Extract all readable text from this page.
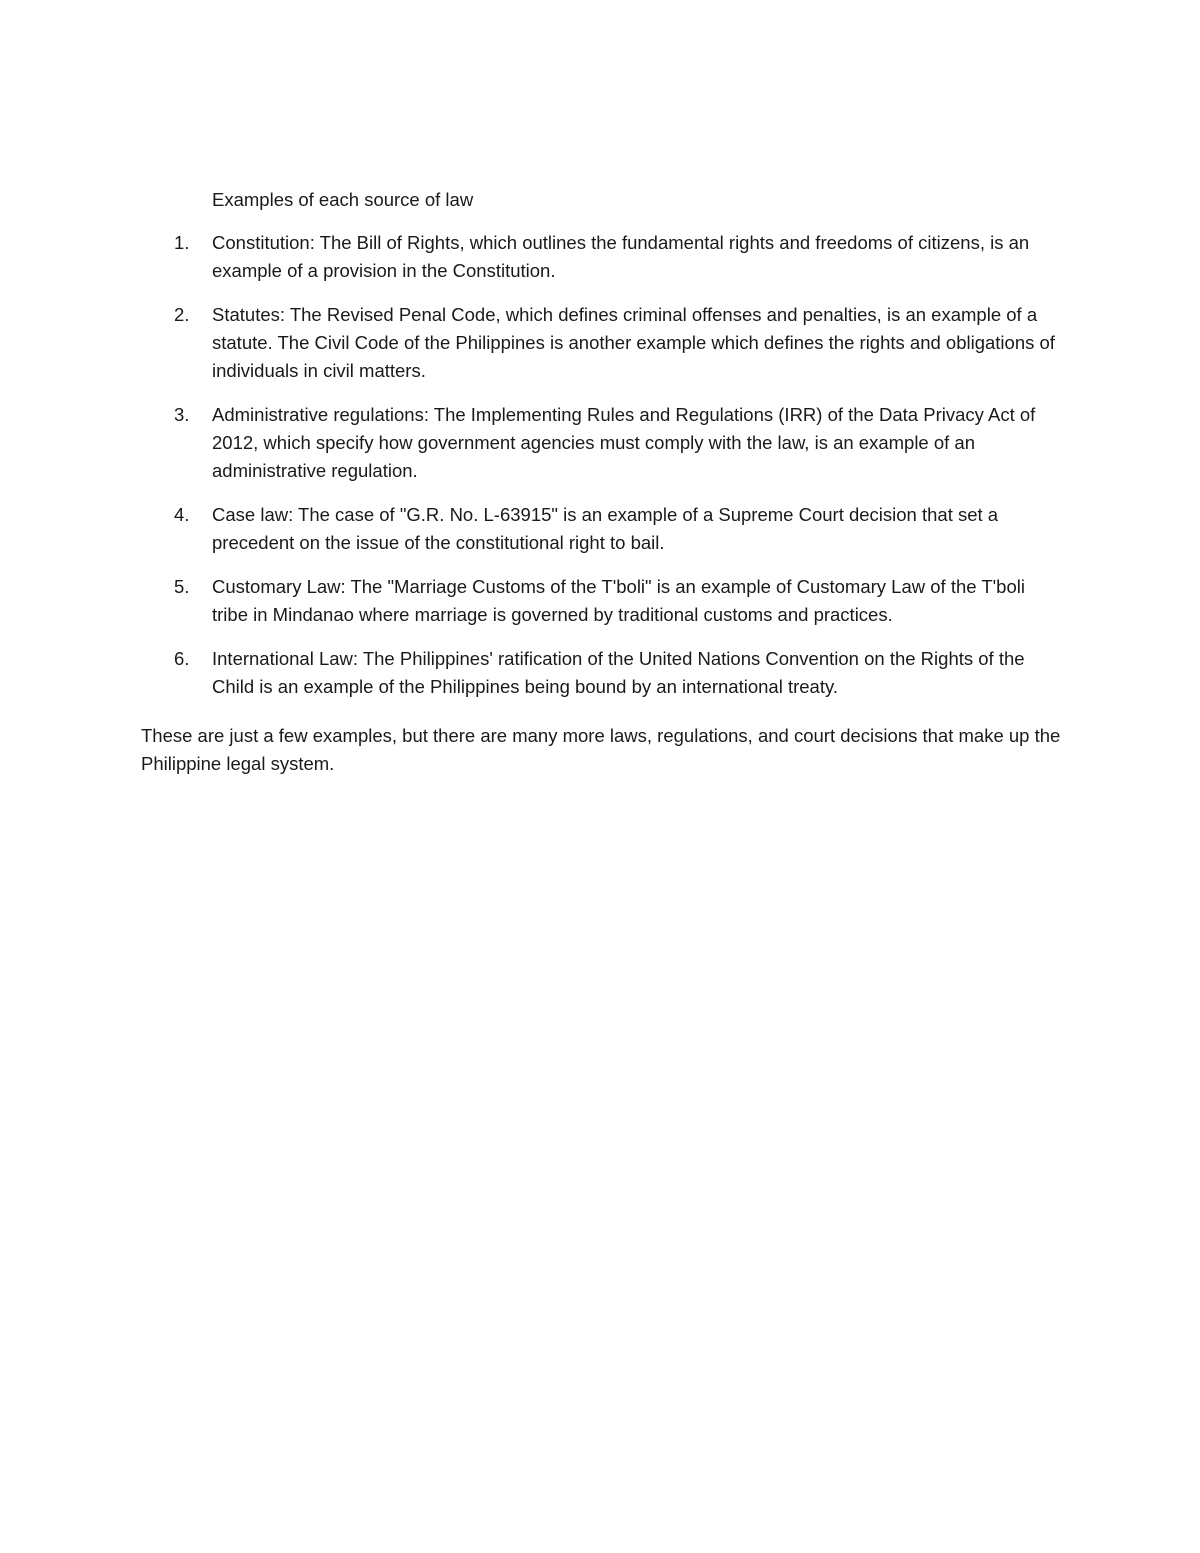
Examples of each source of law

1. Constitution: The Bill of Rights, which outlines the fundamental rights and freedoms of citizens, is an example of a provision in the Constitution.

2. Statutes: The Revised Penal Code, which defines criminal offenses and penalties, is an example of a statute. The Civil Code of the Philippines is another example which defines the rights and obligations of individuals in civil matters.

3. Administrative regulations: The Implementing Rules and Regulations (IRR) of the Data Privacy Act of 2012, which specify how government agencies must comply with the law, is an example of an administrative regulation.

4. Case law: The case of "G.R. No. L-63915" is an example of a Supreme Court decision that set a precedent on the issue of the constitutional right to bail.

5. Customary Law: The "Marriage Customs of the T'boli" is an example of Customary Law of the T'boli tribe in Mindanao where marriage is governed by traditional customs and practices.

6. International Law: The Philippines' ratification of the United Nations Convention on the Rights of the Child is an example of the Philippines being bound by an international treaty.

These are just a few examples, but there are many more laws, regulations, and court decisions that make up the Philippine legal system.
